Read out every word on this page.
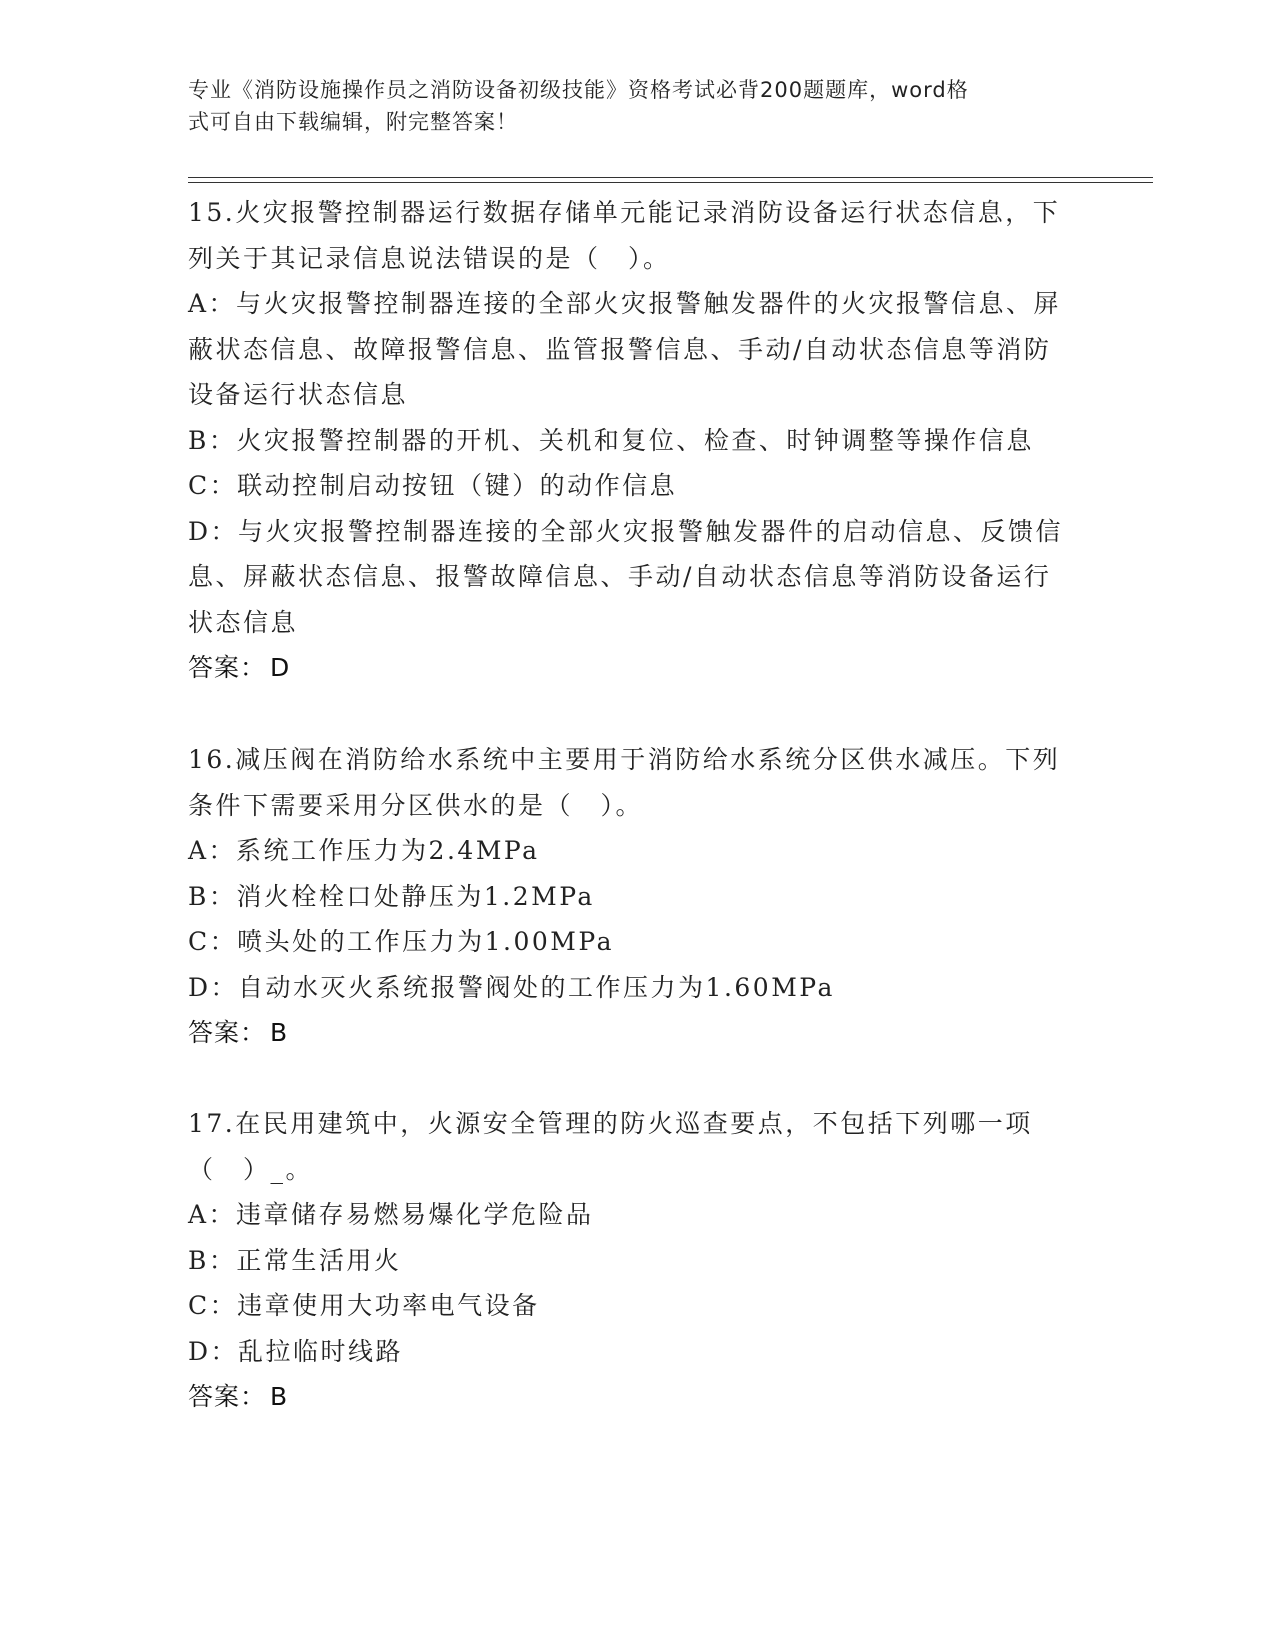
专业《消防设施操作员之消防设备初级技能》资格考试必背200题题库，word格
式可自由下载编辑，附完整答案！

15.火灾报警控制器运行数据存储单元能记录消防设备运行状态信息，下列关于其记录信息说法错误的是（　）。

A：与火灾报警控制器连接的全部火灾报警触发器件的火灾报警信息、屏蔽状态信息、故障报警信息、监管报警信息、手动/自动状态信息等消防设备运行状态信息

B：火灾报警控制器的开机、关机和复位、检查、时钟调整等操作信息

C：联动控制启动按钮（键）的动作信息

D：与火灾报警控制器连接的全部火灾报警触发器件的启动信息、反馈信息、屏蔽状态信息、报警故障信息、手动/自动状态信息等消防设备运行状态信息

答案： D

16.减压阀在消防给水系统中主要用于消防给水系统分区供水减压。下列条件下需要采用分区供水的是（　）。

A：系统工作压力为2.4MPa

B：消火栓栓口处静压为1.2MPa

C：喷头处的工作压力为1.00MPa

D：自动水灭火系统报警阀处的工作压力为1.60MPa

答案： B

17.在民用建筑中，火源安全管理的防火巡查要点，不包括下列哪一项（　）_。

A：违章储存易燃易爆化学危险品

B：正常生活用火

C：违章使用大功率电气设备

D：乱拉临时线路

答案： B
